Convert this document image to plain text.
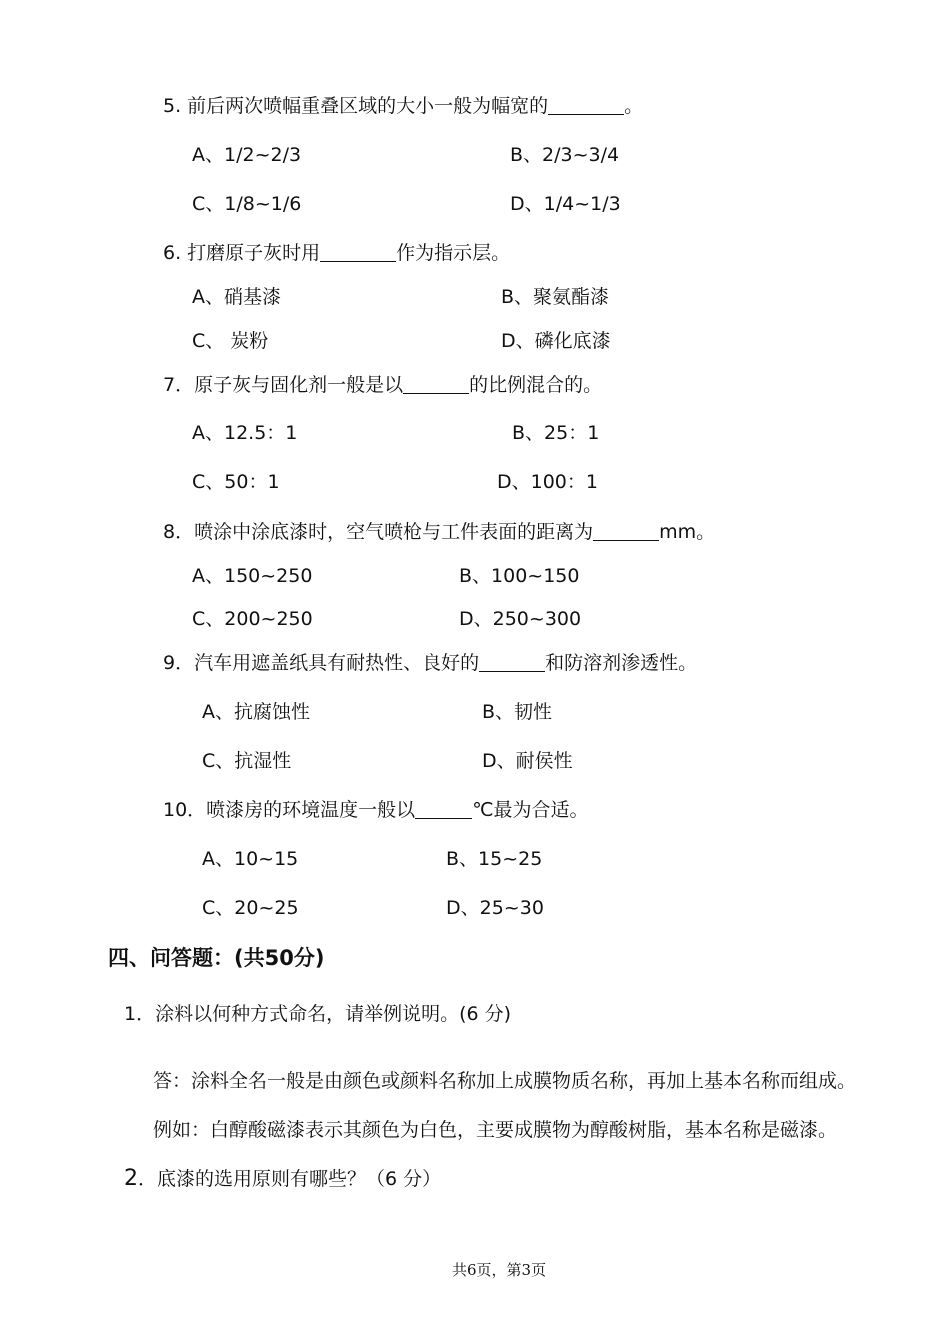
5. 前后两次喷幅重叠区域的大小一般为幅宽的	。
A、1/2~2/3	B、2/3~3/4
C、1/8~1/6	D、1/4~1/3
6. 打磨原子灰时用	作为指示层。
A、硝基漆	B、聚氨酯漆
C、 炭粉	D、磷化底漆
7．原子灰与固化剂一般是以	的比例混合的。
A、12.5：1	B、25：1
C、50：1	D、100：1
8．喷涂中涂底漆时，空气喷枪与工件表面的距离为	mm。
A、150~250	B、100~150
C、200~250	D、250~300
9．汽车用遮盖纸具有耐热性、良好的	和防溶剂渗透性。
A、抗腐蚀性	B、韧性
C、抗湿性	D、耐侯性
10．喷漆房的环境温度一般以	℃最为合适。
A、10~15	B、15~25
C、20~25	D、25~30
四、问答题：(共50分)
1．涂料以何种方式命名，请举例说明。(6 分)
答：涂料全名一般是由颜色或颜料名称加上成膜物质名称，再加上基本名称而组成。
例如：白醇酸磁漆表示其颜色为白色，主要成膜物为醇酸树脂，基本名称是磁漆。
2．底漆的选用原则有哪些？（6 分）
共6页，第3页
